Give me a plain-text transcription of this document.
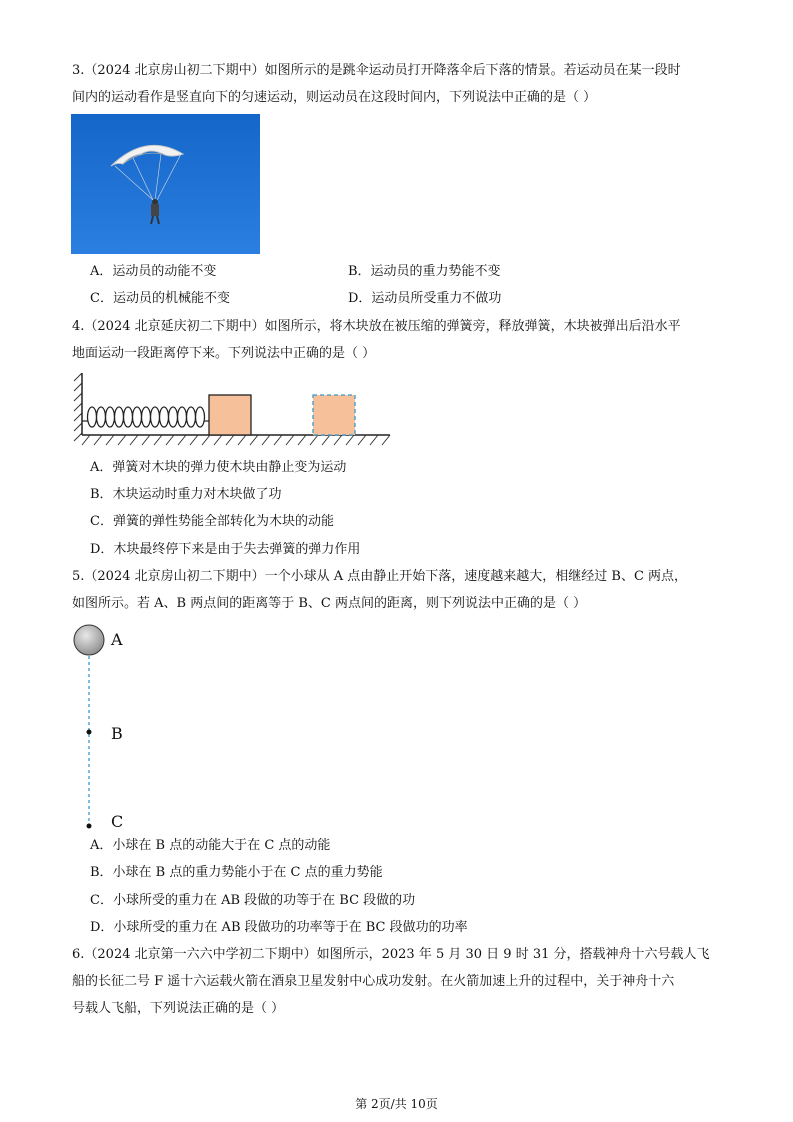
3.（2024 北京房山初二下期中）如图所示的是跳伞运动员打开降落伞后下落的情景。若运动员在某一段时
间内的运动看作是竖直向下的匀速运动，则运动员在这段时间内，下列说法中正确的是（ ）
A．运动员的动能不变	B．运动员的重力势能不变
C．运动员的机械能不变	D．运动员所受重力不做功
4.（2024 北京延庆初二下期中）如图所示，将木块放在被压缩的弹簧旁，释放弹簧，木块被弹出后沿水平
地面运动一段距离停下来。下列说法中正确的是（ ）
A．弹簧对木块的弹力使木块由静止变为运动
B．木块运动时重力对木块做了功
C．弹簧的弹性势能全部转化为木块的动能
D．木块最终停下来是由于失去弹簧的弹力作用
5.（2024 北京房山初二下期中）一个小球从 A 点由静止开始下落，速度越来越大，相继经过 B、C 两点，
如图所示。若 A、B 两点间的距离等于 B、C 两点间的距离，则下列说法中正确的是（ ）
A
B
C
A．小球在 B 点的动能大于在 C 点的动能
B．小球在 B 点的重力势能小于在 C 点的重力势能
C．小球所受的重力在 AB 段做的功等于在 BC 段做的功
D．小球所受的重力在 AB 段做功的功率等于在 BC 段做功的功率
6.（2024 北京第一六六中学初二下期中）如图所示，2023 年 5 月 30 日 9 时 31 分，搭载神舟十六号载人飞
船的长征二号 F 遥十六运载火箭在酒泉卫星发射中心成功发射。在火箭加速上升的过程中，关于神舟十六
号载人飞船，下列说法正确的是（ ）
第 2页/共 10页
